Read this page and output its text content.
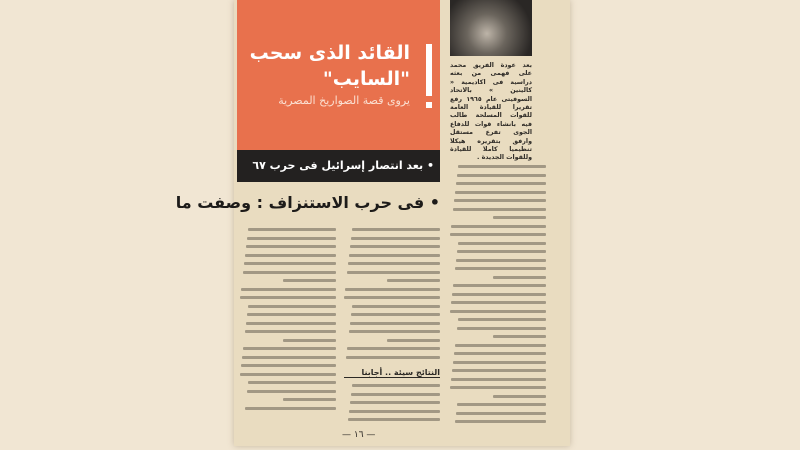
القائد الذى سحب
"السايب"
يروى قصة الصواريخ المصرية
بعد عودة الفريق محمد على فهمى من بعثه دراسية فى اكاديمية « كالينين » بالاتحاد السوفيتى عام ١٩٦٥ رفع تقريرا للقيادة العامة للقوات المسلحة طالب فيه بانشاء قوات للدفاع الجوى تفرع مستقل وارفق بتقريره هيكلا تنظيميا كاملا للقيادة وللقوات الجديدة .
• بعد انتصار إسرائيل فى حرب ٦٧
• فى حرب الاستنزاف : وصفت ما
النتائج سيئة .. أجابنا
— ١٦ —
